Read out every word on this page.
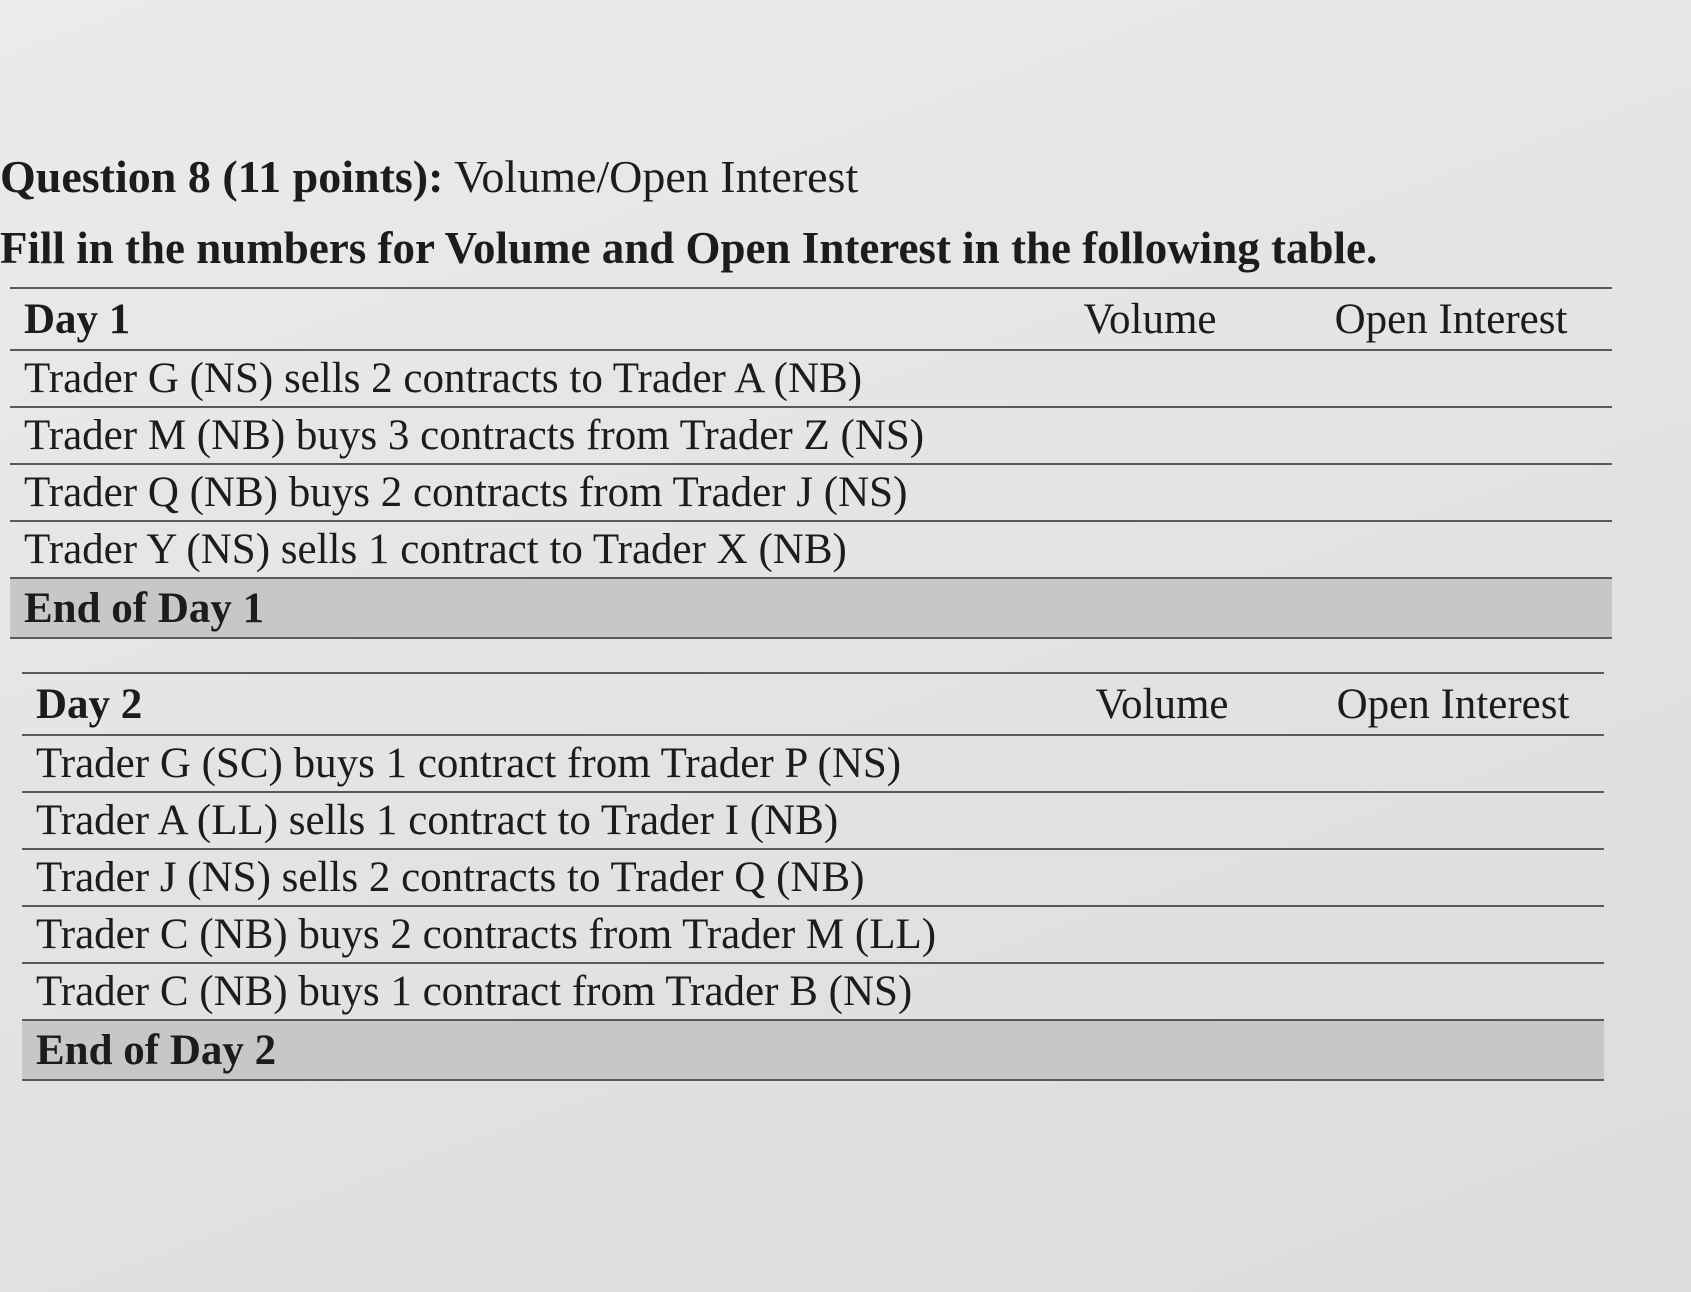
Question 8 (11 points): Volume/Open Interest
Fill in the numbers for Volume and Open Interest in the following table.
Day 1	Volume	Open Interest
Trader G (NS) sells 2 contracts to Trader A (NB)		
Trader M (NB) buys 3 contracts from Trader Z (NS)		
Trader Q (NB) buys 2 contracts from Trader J (NS)		
Trader Y (NS) sells 1 contract to Trader X (NB)		
End of Day 1		
Day 2	Volume	Open Interest
Trader G (SC) buys 1 contract from Trader P (NS)		
Trader A (LL) sells 1 contract to Trader I (NB)		
Trader J (NS) sells 2 contracts to Trader Q (NB)		
Trader C (NB) buys 2 contracts from Trader M (LL)		
Trader C (NB) buys 1 contract from Trader B (NS)		
End of Day 2		
